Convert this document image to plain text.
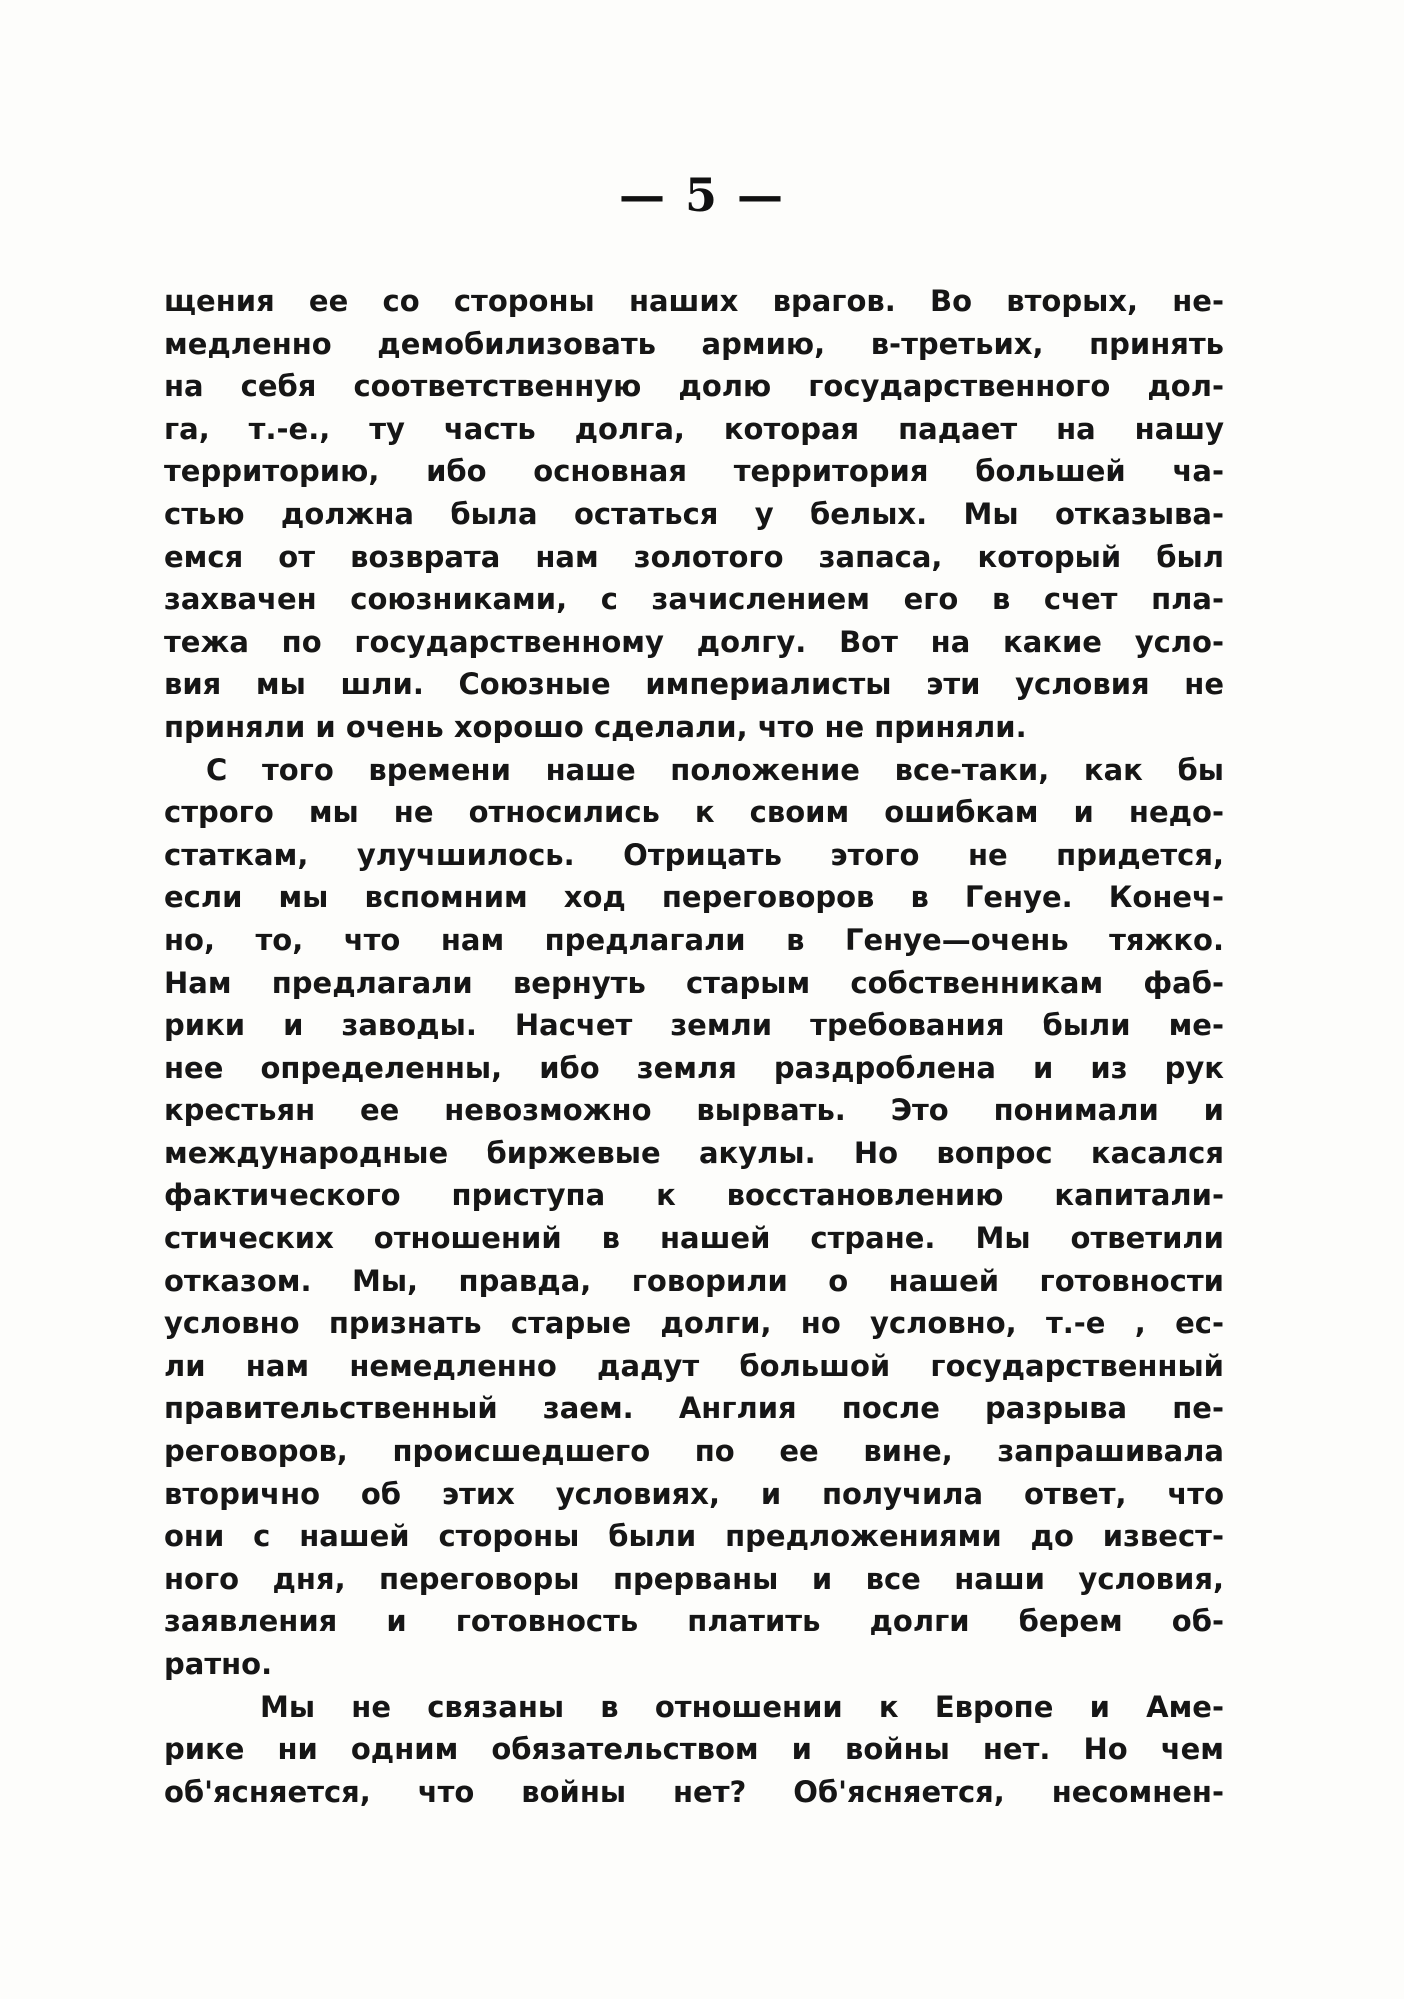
— 5 —
щения ее со стороны наших врагов. Во вторых, не-
медленно демобилизовать армию, в-третьих, принять
на себя соответственную долю государственного дол-
га, т.-е., ту часть долга, которая падает на нашу
территорию, ибо основная территория большей ча-
стью должна была остаться у белых. Мы отказыва-
емся от возврата нам золотого запаса, который был
захвачен союзниками, с зачислением его в счет пла-
тежа по государственному долгу. Вот на какие усло-
вия мы шли. Союзные империалисты эти условия не
приняли и очень хорошо сделали, что не приняли.
С того времени наше положение все-таки, как бы
строго мы не относились к своим ошибкам и недо-
статкам, улучшилось. Отрицать этого не придется,
если мы вспомним ход переговоров в Генуе. Конеч-
но, то, что нам предлагали в Генуе—очень тяжко.
Нам предлагали вернуть старым собственникам фаб-
рики и заводы. Насчет земли требования были ме-
нее определенны, ибо земля раздроблена и из рук
крестьян ее невозможно вырвать. Это понимали и
международные биржевые акулы. Но вопрос касался
фактического приступа к восстановлению капитали-
стических отношений в нашей стране. Мы ответили
отказом. Мы, правда, говорили о нашей готовности
условно признать старые долги, но условно, т.-е , ес-
ли нам немедленно дадут большой государственный
правительственный заем. Англия после разрыва пе-
реговоров, происшедшего по ее вине, запрашивала
вторично об этих условиях, и получила ответ, что
они с нашей стороны были предложениями до извест-
ного дня, переговоры прерваны и все наши условия,
заявления и готовность платить долги берем об-
ратно.
Мы не связаны в отношении к Европе и Аме-
рике ни одним обязательством и войны нет. Но чем
об'ясняется, что войны нет? Об'ясняется, несомнен-
